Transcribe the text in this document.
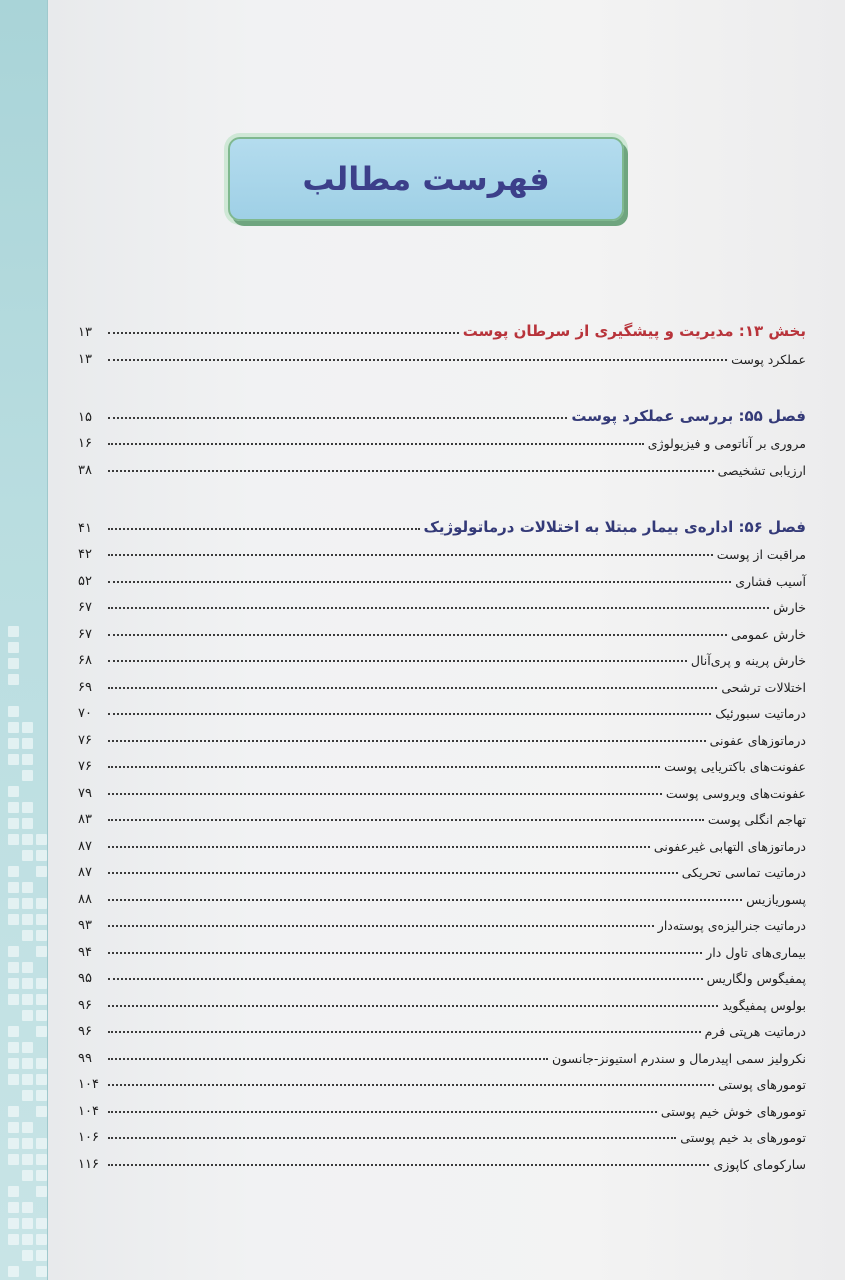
فهرست مطالب
بخش ۱۳: مدیریت و پیشگیری از سرطان پوست
۱۳
عملکرد پوست
۱۳
فصل ۵۵: بررسی عملکرد پوست
۱۵
مروری بر آناتومی و فیزیولوژی
۱۶
ارزیابی تشخیصی
۳۸
فصل ۵۶: اداره‌ی بیمار مبتلا به اختلالات درماتولوژیک
۴۱
مراقبت از پوست
۴۲
آسیب فشاری
۵۲
خارش
۶۷
خارش عمومی
۶۷
خارش پرینه و پری‌آنال
۶۸
اختلالات ترشحی
۶۹
درماتیت سبورئیک
۷۰
درماتوزهای عفونی
۷۶
عفونت‌های باکتریایی پوست
۷۶
عفونت‌های ویروسی پوست
۷۹
تهاجم انگلی پوست
۸۳
درماتوزهای التهابی غیرعفونی
۸۷
درماتیت تماسی تحریکی
۸۷
پسوریازیس
۸۸
درماتیت جنرالیزه‌ی پوسته‌دار
۹۳
بیماری‌های تاول دار
۹۴
پمفیگوس ولگاریس
۹۵
بولوس پمفیگوید
۹۶
درماتیت هرپتی فرم
۹۶
نکرولیز سمی اپیدرمال و سندرم استیونز-جانسون
۹۹
تومورهای پوستی
۱۰۴
تومورهای خوش خیم پوستی
۱۰۴
تومورهای بد خیم پوستی
۱۰۶
سارکومای کاپوزی
۱۱۶
